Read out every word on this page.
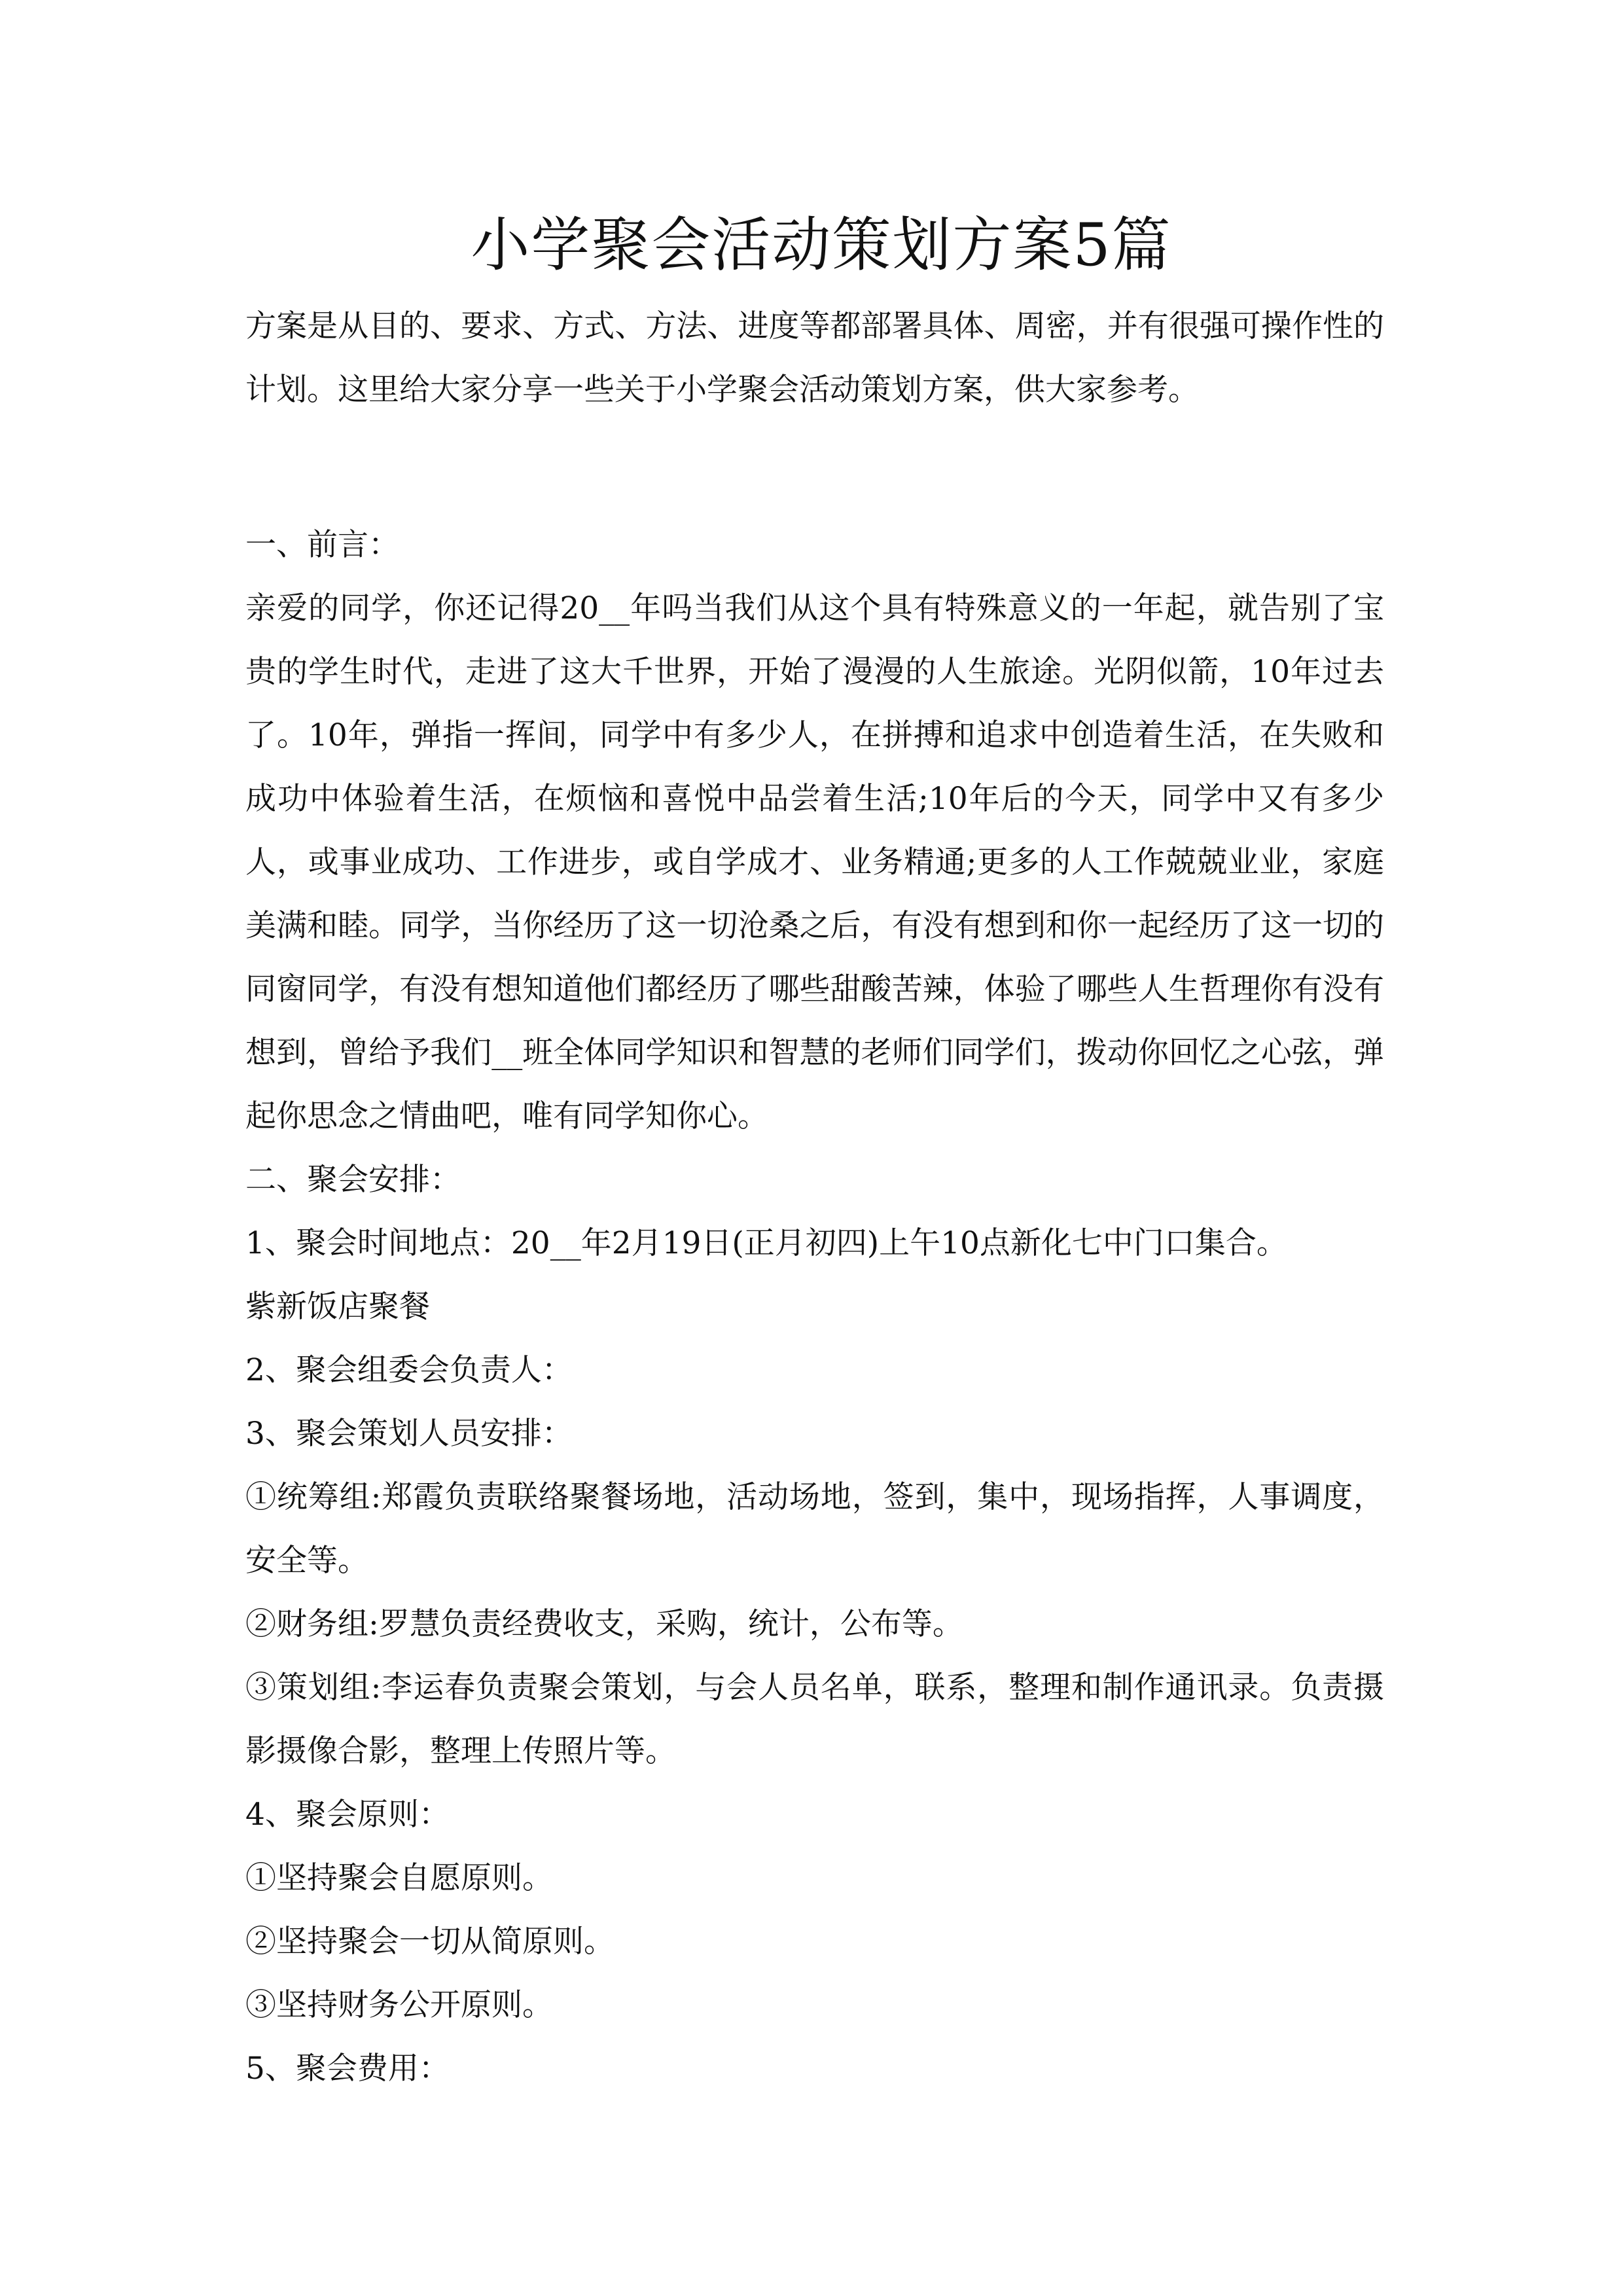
小学聚会活动策划方案5篇

方案是从目的、要求、方式、方法、进度等都部署具体、周密，并有很强可操作性的计划。这里给大家分享一些关于小学聚会活动策划方案，供大家参考。

一、前言：

亲爱的同学，你还记得20__年吗当我们从这个具有特殊意义的一年起，就告别了宝贵的学生时代，走进了这大千世界，开始了漫漫的人生旅途。光阴似箭，10年过去了。10年，弹指一挥间，同学中有多少人，在拼搏和追求中创造着生活，在失败和成功中体验着生活，在烦恼和喜悦中品尝着生活;10年后的今天，同学中又有多少人，或事业成功、工作进步，或自学成才、业务精通;更多的人工作兢兢业业，家庭美满和睦。同学，当你经历了这一切沧桑之后，有没有想到和你一起经历了这一切的同窗同学，有没有想知道他们都经历了哪些甜酸苦辣，体验了哪些人生哲理你有没有想到，曾给予我们__班全体同学知识和智慧的老师们同学们，拨动你回忆之心弦，弹起你思念之情曲吧，唯有同学知你心。

二、聚会安排：

1、聚会时间地点：20__年2月19日(正月初四)上午10点新化七中门口集合。

紫新饭店聚餐

2、聚会组委会负责人：

3、聚会策划人员安排：

①统筹组:郑霞负责联络聚餐场地，活动场地，签到，集中，现场指挥，人事调度，安全等。

②财务组:罗慧负责经费收支，采购，统计，公布等。

③策划组:李运春负责聚会策划，与会人员名单，联系，整理和制作通讯录。负责摄影摄像合影，整理上传照片等。

4、聚会原则：

①坚持聚会自愿原则。

②坚持聚会一切从简原则。

③坚持财务公开原则。

5、聚会费用：
